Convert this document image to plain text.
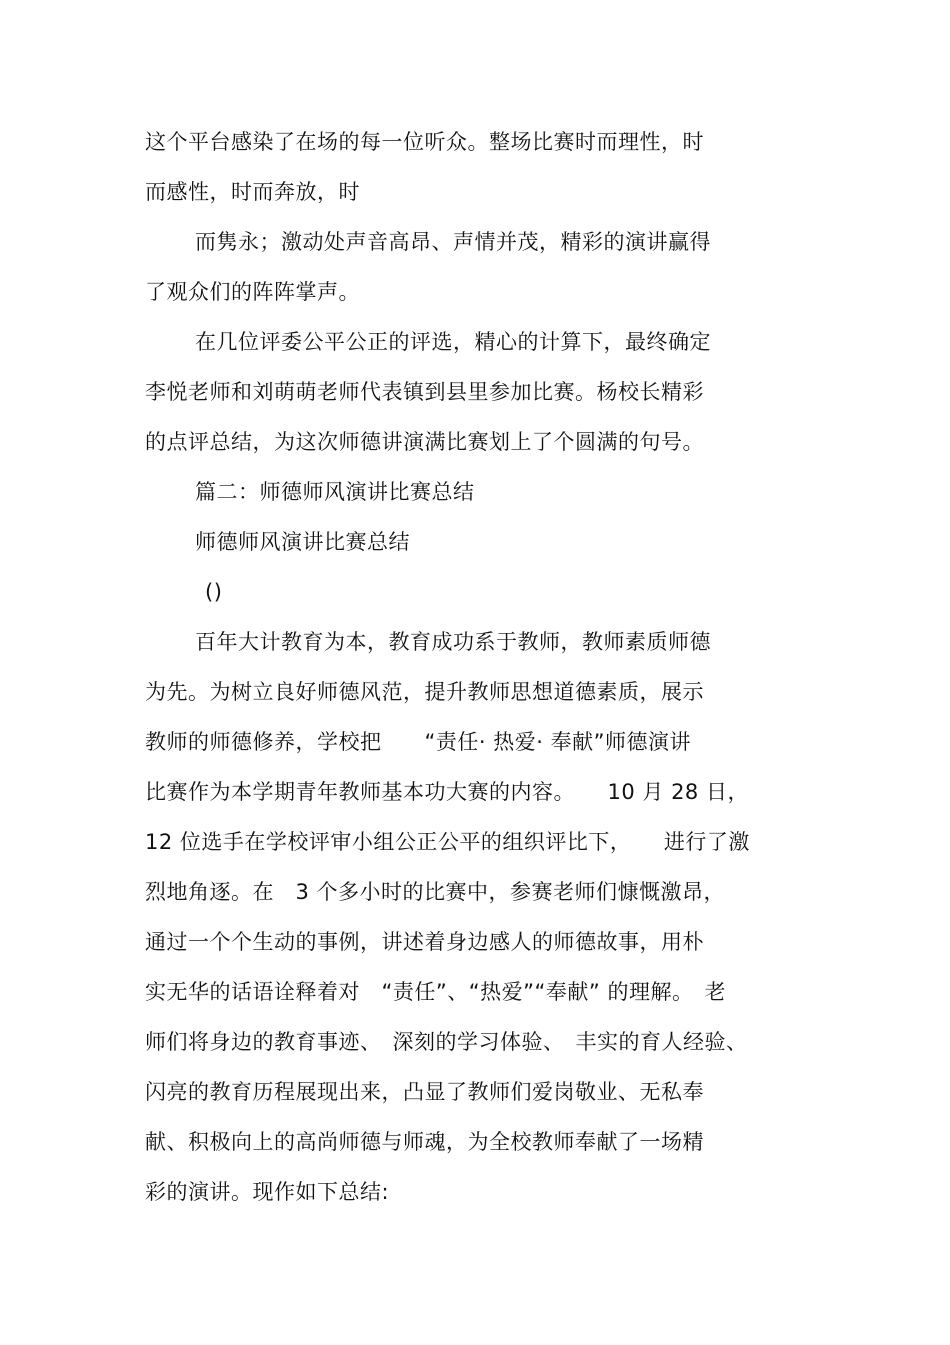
这个平台感染了在场的每一位听众。整场比赛时而理性，时
而感性，时而奔放，时
而隽永；激动处声音高昂、声情并茂，精彩的演讲赢得
了观众们的阵阵掌声。
在几位评委公平公正的评选，精心的计算下，最终确定
李悦老师和刘萌萌老师代表镇到县里参加比赛。杨校长精彩
的点评总结，为这次师德讲演满比赛划上了个圆满的句号。
篇二：师德师风演讲比赛总结
师德师风演讲比赛总结
()
百年大计教育为本，教育成功系于教师，教师素质师德
为先。为树立良好师德风范，提升教师思想道德素质，展示
教师的师德修养，学校把　　“责任· 热爱· 奉献”师德演讲
比赛作为本学期青年教师基本功大赛的内容。　　10 月 28 日，
12 位选手在学校评审小组公正公平的组织评比下，　　进行了激
烈地角逐。在　3 个多小时的比赛中，参赛老师们慷慨激昂，
通过一个个生动的事例，讲述着身边感人的师德故事，用朴
实无华的话语诠释着对　“责任”、“热爱”“奉献” 的理解。　老
师们将身边的教育事迹、　深刻的学习体验、　丰实的育人经验、
闪亮的教育历程展现出来，凸显了教师们爱岗敬业、无私奉
献、积极向上的高尚师德与师魂，为全校教师奉献了一场精
彩的演讲。现作如下总结:
